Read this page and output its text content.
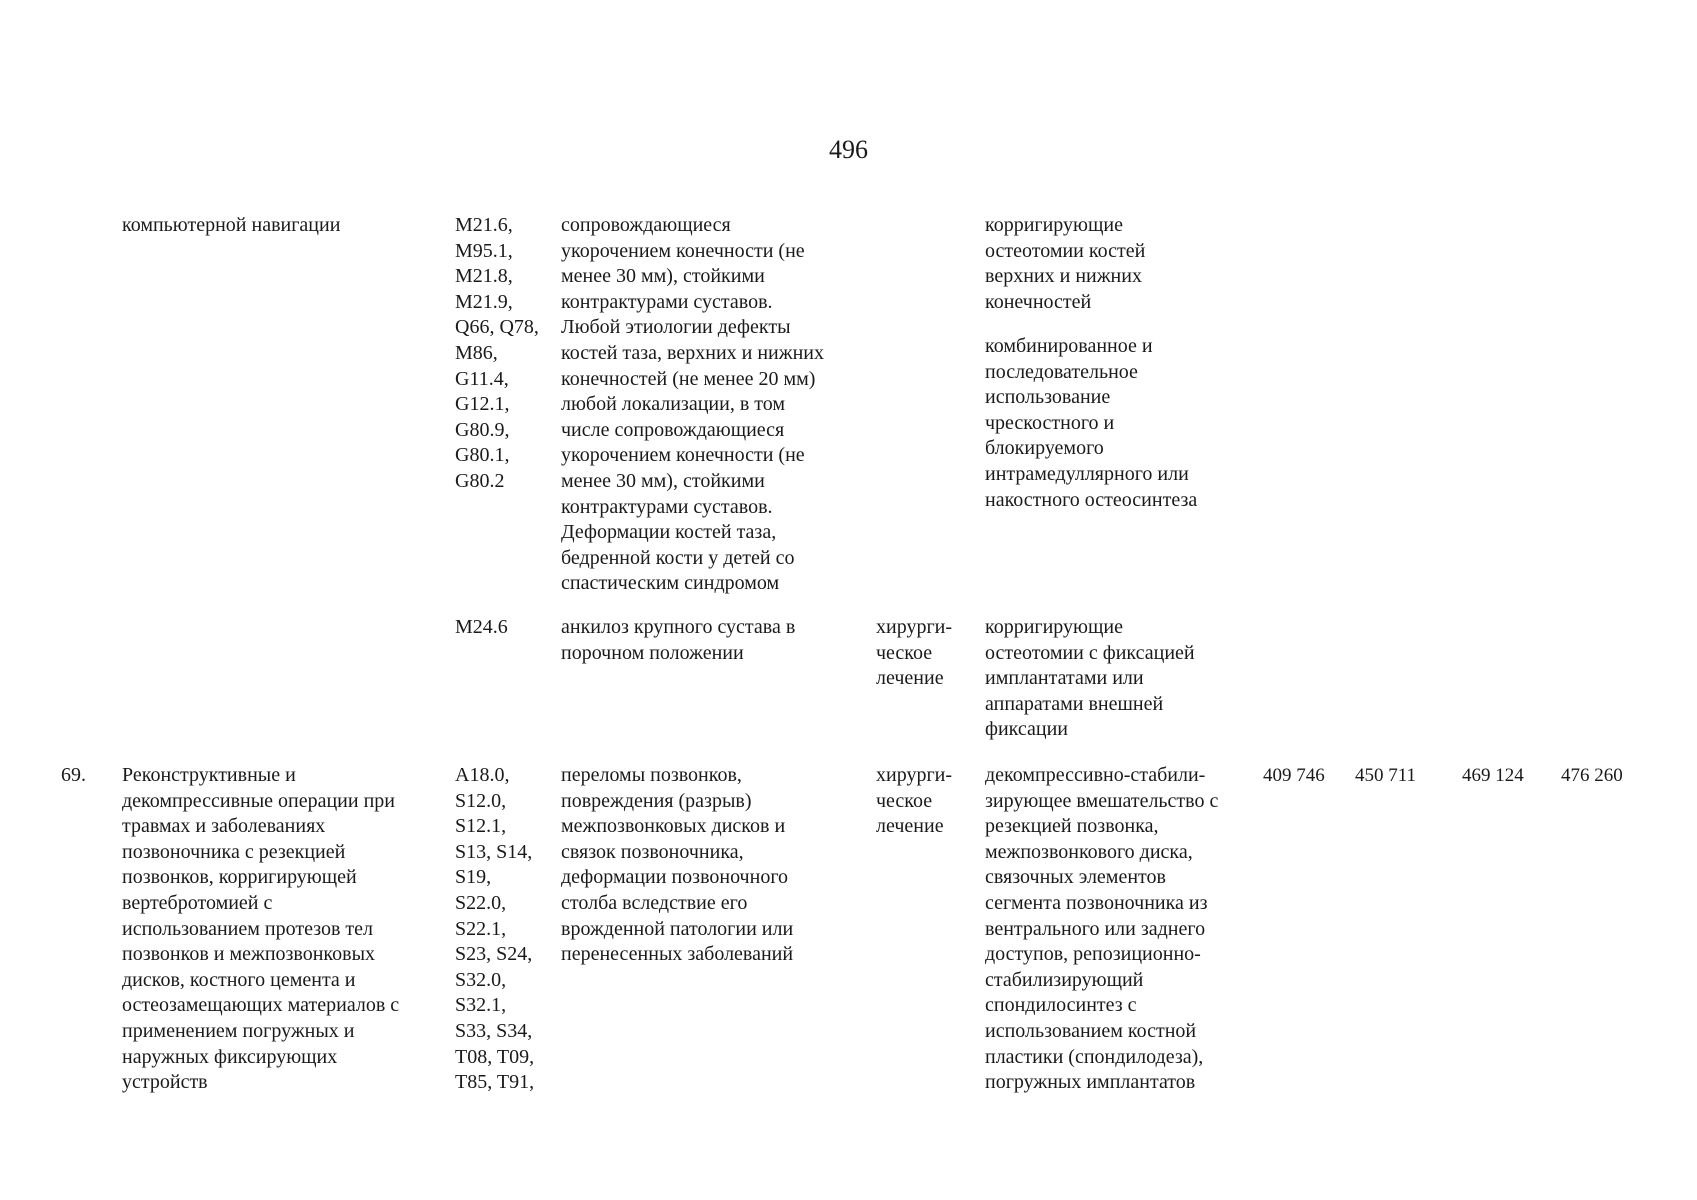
496
компьютерной навигации	M21.6,
M95.1,
M21.8,
M21.9,
Q66, Q78,
M86,
G11.4,
G12.1,
G80.9,
G80.1,
G80.2
сопровождающиеся
укорочением конечности (не
менее 30 мм), стойкими
контрактурами суставов.
Любой этиологии дефекты
костей таза, верхних и нижних
конечностей (не менее 20 мм)
любой локализации, в том
числе сопровождающиеся
укорочением конечности (не
менее 30 мм), стойкими
контрактурами суставов.
Деформации костей таза,
бедренной кости у детей со
спастическим синдромом
корригирующие
остеотомии костей
верхних и нижних
конечностей
комбинированное и
последовательное
использование
чрескостного и
блокируемого
интрамедуллярного или
накостного остеосинтеза
M24.6	анкилоз крупного сустава в
порочном положении
хирурги-
ческое
лечение
корригирующие
остеотомии с фиксацией
имплантатами или
аппаратами внешней
фиксации
69. Реконструктивные и
декомпрессивные операции при
травмах и заболеваниях
позвоночника с резекцией
позвонков, корригирующей
вертебротомией с
использованием протезов тел
позвонков и межпозвонковых
дисков, костного цемента и
остеозамещающих материалов с
применением погружных и
наружных фиксирующих
устройств
A18.0,
S12.0,
S12.1,
S13, S14,
S19,
S22.0,
S22.1,
S23, S24,
S32.0,
S32.1,
S33, S34,
T08, T09,
T85, T91,
переломы позвонков,
повреждения (разрыв)
межпозвонковых дисков и
связок позвоночника,
деформации позвоночного
столба вследствие его
врожденной патологии или
перенесенных заболеваний
хирурги-
ческое
лечение
декомпрессивно-стабили-
зирующее вмешательство с
резекцией позвонка,
межпозвонкового диска,
связочных элементов
сегмента позвоночника из
вентрального или заднего
доступов, репозиционно-
стабилизирующий
спондилосинтез с
использованием костной
пластики (спондилодеза),
погружных имплантатов
409 746 450 711 469 124 476 260
